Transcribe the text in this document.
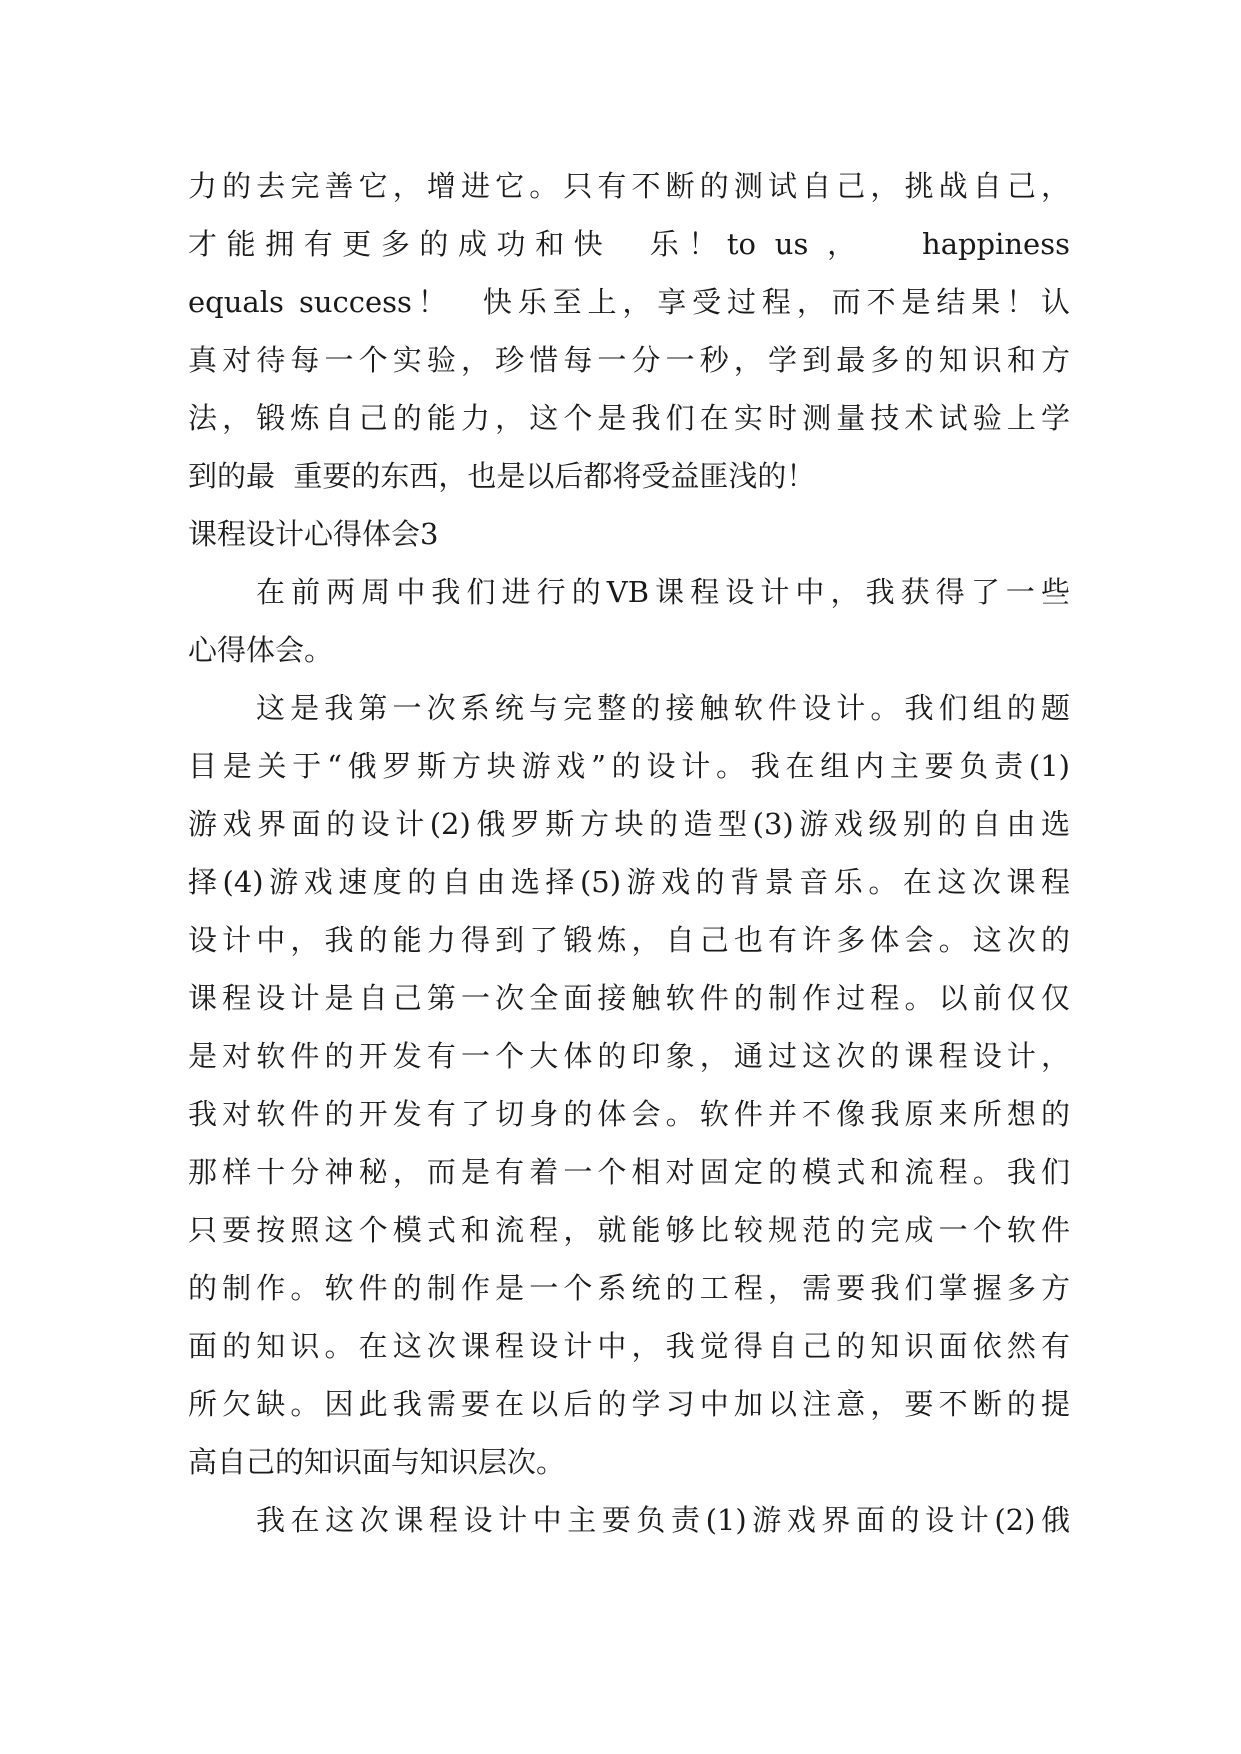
力的去完善它，增进它。只有不断的测试自己，挑战自己，
才能拥有更多的成功和快  乐！to us ，   happiness
equals success！  快乐至上，享受过程，而不是结果！认
真对待每一个实验，珍惜每一分一秒，学到最多的知识和方
法，锻炼自己的能力，这个是我们在实时测量技术试验上学
到的最  重要的东西，也是以后都将受益匪浅的！
课程设计心得体会3
在前两周中我们进行的VB课程设计中，我获得了一些
心得体会。
这是我第一次系统与完整的接触软件设计。我们组的题
目是关于“俄罗斯方块游戏”的设计。我在组内主要负责(1)
游戏界面的设计(2)俄罗斯方块的造型(3)游戏级别的自由选
择(4)游戏速度的自由选择(5)游戏的背景音乐。在这次课程
设计中，我的能力得到了锻炼，自己也有许多体会。这次的
课程设计是自己第一次全面接触软件的制作过程。以前仅仅
是对软件的开发有一个大体的印象，通过这次的课程设计，
我对软件的开发有了切身的体会。软件并不像我原来所想的
那样十分神秘，而是有着一个相对固定的模式和流程。我们
只要按照这个模式和流程，就能够比较规范的完成一个软件
的制作。软件的制作是一个系统的工程，需要我们掌握多方
面的知识。在这次课程设计中，我觉得自己的知识面依然有
所欠缺。因此我需要在以后的学习中加以注意，要不断的提
高自己的知识面与知识层次。
我在这次课程设计中主要负责(1)游戏界面的设计(2)俄
